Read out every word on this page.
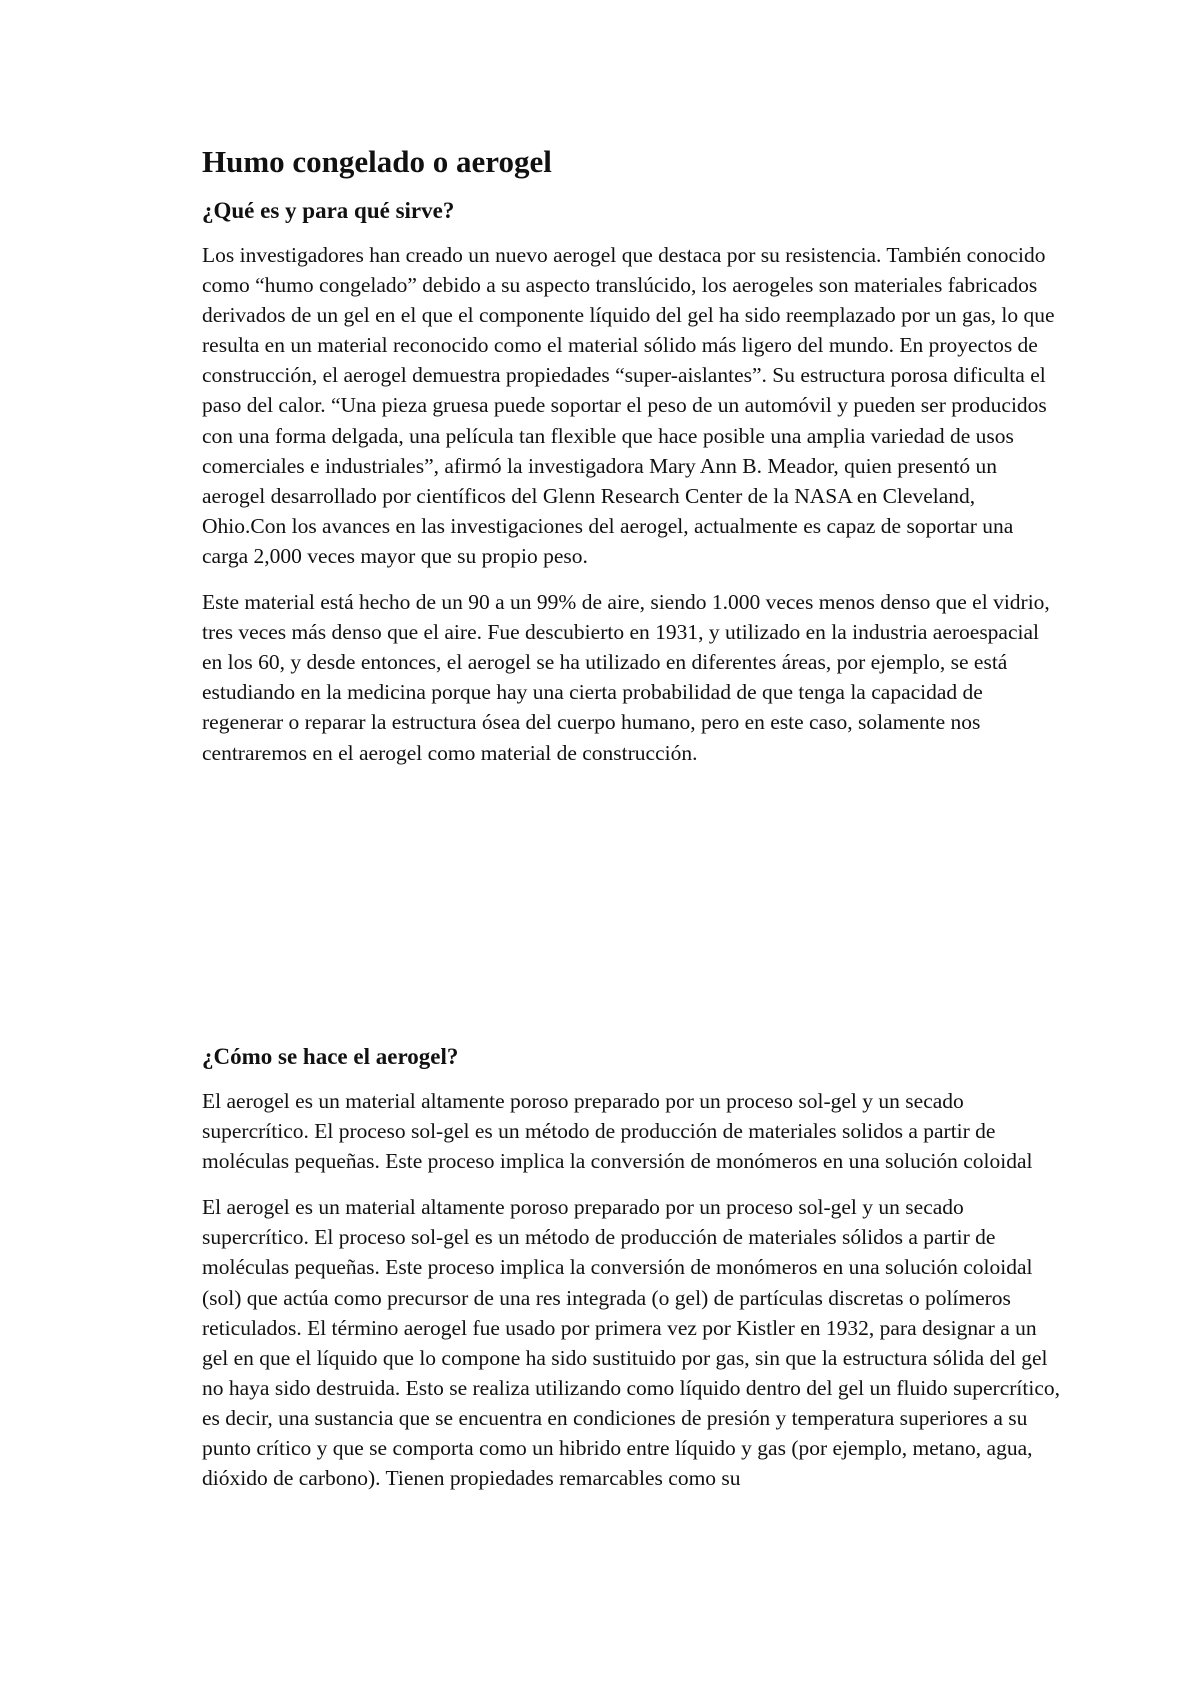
Humo congelado o aerogel
¿Qué es y para qué sirve?

Los investigadores han creado un nuevo aerogel que destaca por su resistencia. También conocido como “humo congelado” debido a su aspecto translúcido, los aerogeles son materiales fabricados derivados de un gel en el que el componente líquido del gel ha sido reemplazado por un gas, lo que resulta en un material reconocido como el material sólido más ligero del mundo. En proyectos de construcción, el aerogel demuestra propiedades “super-aislantes”. Su estructura porosa dificulta el paso del calor. “Una pieza gruesa puede soportar el peso de un automóvil y pueden ser producidos con una forma delgada, una película tan flexible que hace posible una amplia variedad de usos comerciales e industriales”, afirmó la investigadora Mary Ann B. Meador, quien presentó un aerogel desarrollado por científicos del Glenn Research Center de la NASA en Cleveland, Ohio.Con los avances en las investigaciones del aerogel, actualmente es capaz de soportar una carga 2,000 veces mayor que su propio peso.

Este material está hecho de un 90 a un 99% de aire, siendo 1.000 veces menos denso que el vidrio, tres veces más denso que el aire. Fue descubierto en 1931, y utilizado en la industria aeroespacial en los 60, y desde entonces, el aerogel se ha utilizado en diferentes áreas, por ejemplo, se está estudiando en la medicina porque hay una cierta probabilidad de que tenga la capacidad de regenerar o reparar la estructura ósea del cuerpo humano, pero en este caso, solamente nos centraremos en el aerogel como material de construcción.

¿Cómo se hace el aerogel?

El aerogel es un material altamente poroso preparado por un proceso sol-gel y un secado supercrítico. El proceso sol-gel es un método de producción de materiales solidos a partir de moléculas pequeñas. Este proceso implica la conversión de monómeros en una solución coloidal

El aerogel es un material altamente poroso preparado por un proceso sol-gel y un secado supercrítico. El proceso sol-gel es un método de producción de materiales sólidos a partir de moléculas pequeñas. Este proceso implica la conversión de monómeros en una solución coloidal (sol) que actúa como precursor de una res integrada (o gel) de partículas discretas o polímeros reticulados. El término aerogel fue usado por primera vez por Kistler en 1932, para designar a un gel en que el líquido que lo compone ha sido sustituido por gas, sin que la estructura sólida del gel no haya sido destruida. Esto se realiza utilizando como líquido dentro del gel un fluido supercrítico, es decir, una sustancia que se encuentra en condiciones de presión y temperatura superiores a su punto crítico y que se comporta como un hibrido entre líquido y gas (por ejemplo, metano, agua, dióxido de carbono). Tienen propiedades remarcables como su
